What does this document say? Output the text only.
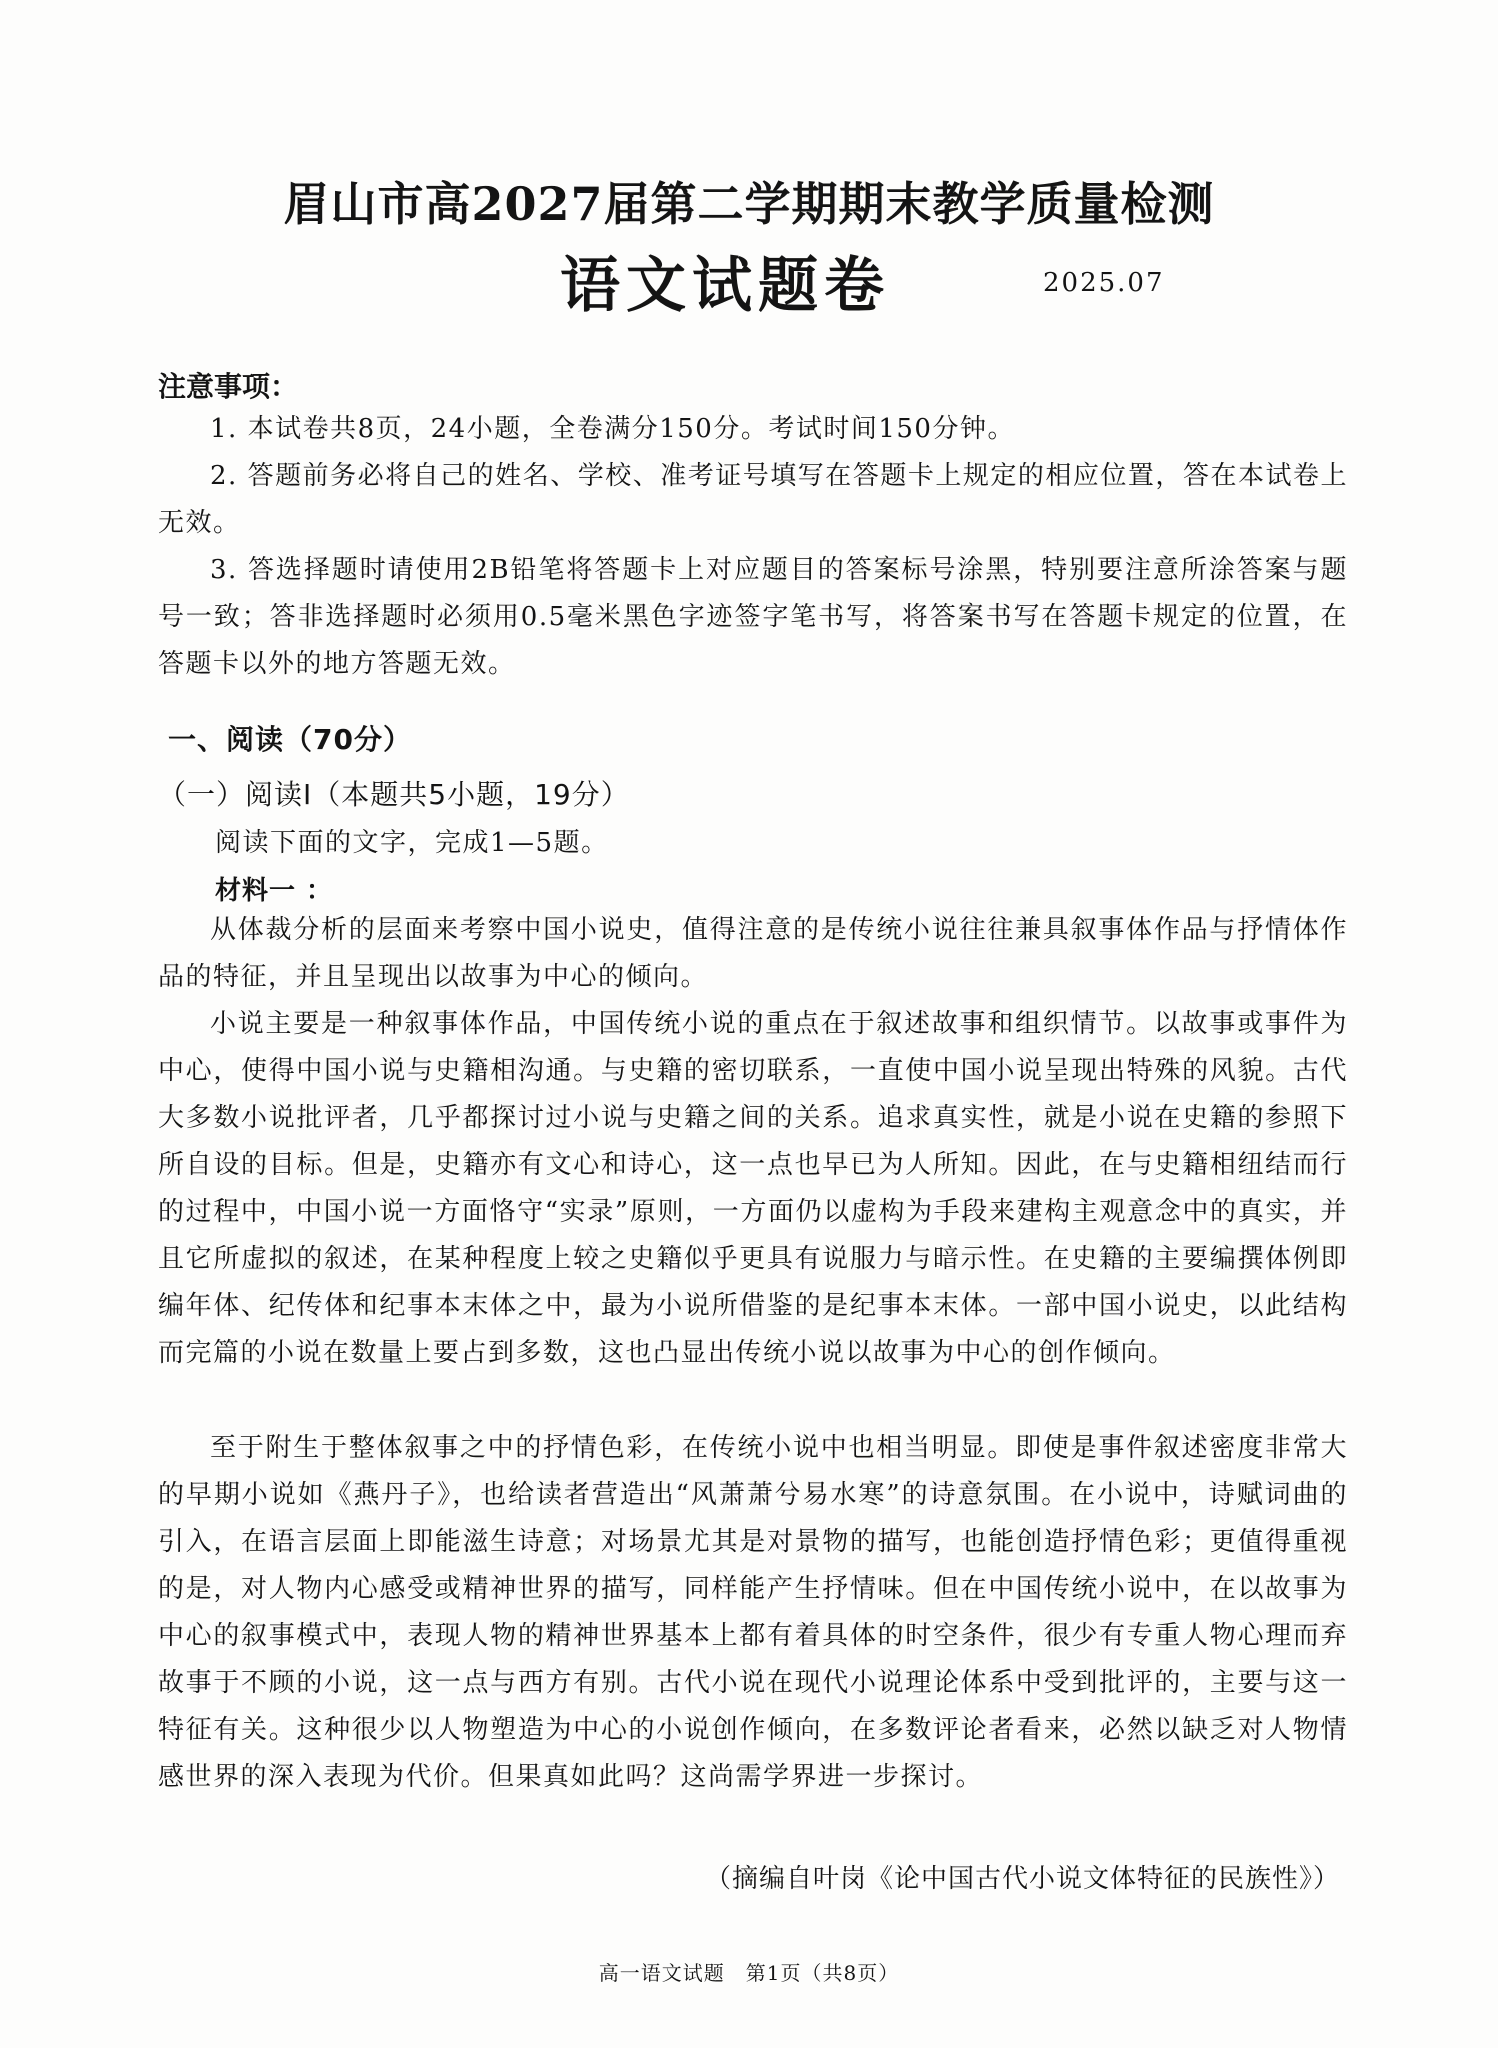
眉山市高2027届第二学期期末教学质量检测
语文试题卷	2025.07
注意事项：
1. 本试卷共8页，24小题，全卷满分150分。考试时间150分钟。
2. 答题前务必将自己的姓名、学校、准考证号填写在答题卡上规定的相应位置，答在本试卷上无效。
3. 答选择题时请使用2B铅笔将答题卡上对应题目的答案标号涂黑，特别要注意所涂答案与题号一致；答非选择题时必须用0.5毫米黑色字迹签字笔书写，将答案书写在答题卡规定的位置，在答题卡以外的地方答题无效。
一、阅读（70分）
（一）阅读Ⅰ（本题共5小题，19分）
阅读下面的文字，完成1—5题。
材料一 ：
从体裁分析的层面来考察中国小说史，值得注意的是传统小说往往兼具叙事体作品与抒情体作品的特征，并且呈现出以故事为中心的倾向。
小说主要是一种叙事体作品，中国传统小说的重点在于叙述故事和组织情节。以故事或事件为中心，使得中国小说与史籍相沟通。与史籍的密切联系，一直使中国小说呈现出特殊的风貌。古代大多数小说批评者，几乎都探讨过小说与史籍之间的关系。追求真实性，就是小说在史籍的参照下所自设的目标。但是，史籍亦有文心和诗心，这一点也早已为人所知。因此，在与史籍相纽结而行的过程中，中国小说一方面恪守“实录”原则，一方面仍以虚构为手段来建构主观意念中的真实，并且它所虚拟的叙述，在某种程度上较之史籍似乎更具有说服力与暗示性。在史籍的主要编撰体例即编年体、纪传体和纪事本末体之中，最为小说所借鉴的是纪事本末体。一部中国小说史，以此结构而完篇的小说在数量上要占到多数，这也凸显出传统小说以故事为中心的创作倾向。
至于附生于整体叙事之中的抒情色彩，在传统小说中也相当明显。即使是事件叙述密度非常大的早期小说如《燕丹子》，也给读者营造出“风萧萧兮易水寒”的诗意氛围。在小说中，诗赋词曲的引入，在语言层面上即能滋生诗意；对场景尤其是对景物的描写，也能创造抒情色彩；更值得重视的是，对人物内心感受或精神世界的描写，同样能产生抒情味。但在中国传统小说中，在以故事为中心的叙事模式中，表现人物的精神世界基本上都有着具体的时空条件，很少有专重人物心理而弃故事于不顾的小说，这一点与西方有别。古代小说在现代小说理论体系中受到批评的，主要与这一特征有关。这种很少以人物塑造为中心的小说创作倾向，在多数评论者看来，必然以缺乏对人物情感世界的深入表现为代价。但果真如此吗？这尚需学界进一步探讨。
（摘编自叶岗《论中国古代小说文体特征的民族性》）
高一语文试题　第1页（共8页）
